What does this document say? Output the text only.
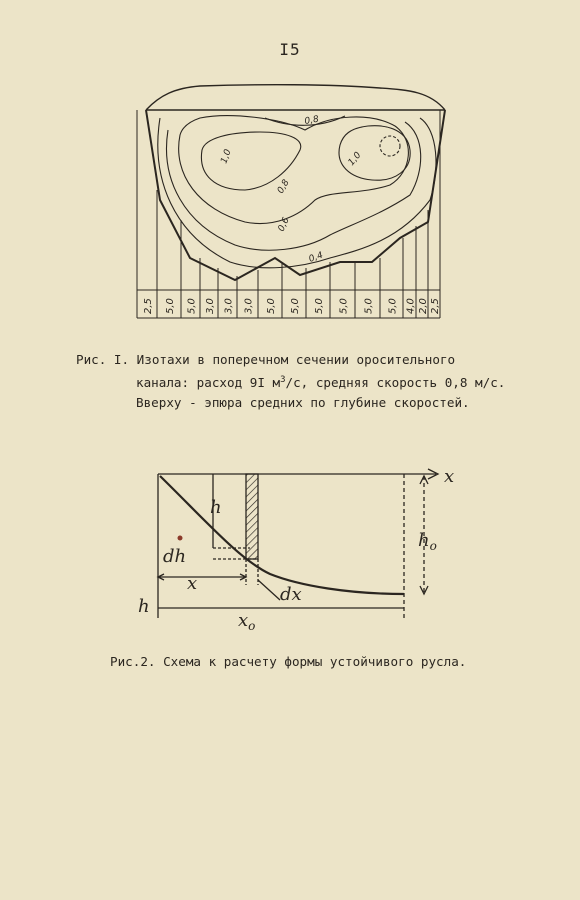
I5
0,8
1,0	1,0
0,8
0,6
0,4
2,5 5,0 5,0 3,0 3,0 3,0 5,0 5,0 5,0 5,0 5,0 5,0 4,0 2,0 2,5
Рис. I. Изотахи в поперечном сечении оросительного
канала: расход 9I $м^3/с$, средняя скорость 0,8 м/с.
Вверху - эпюра средних по глубине скоростей.
x
h
$h_o$
dh
x
dx
h
$x_o$
Рис.2. Схема к расчету формы устойчивого русла.
